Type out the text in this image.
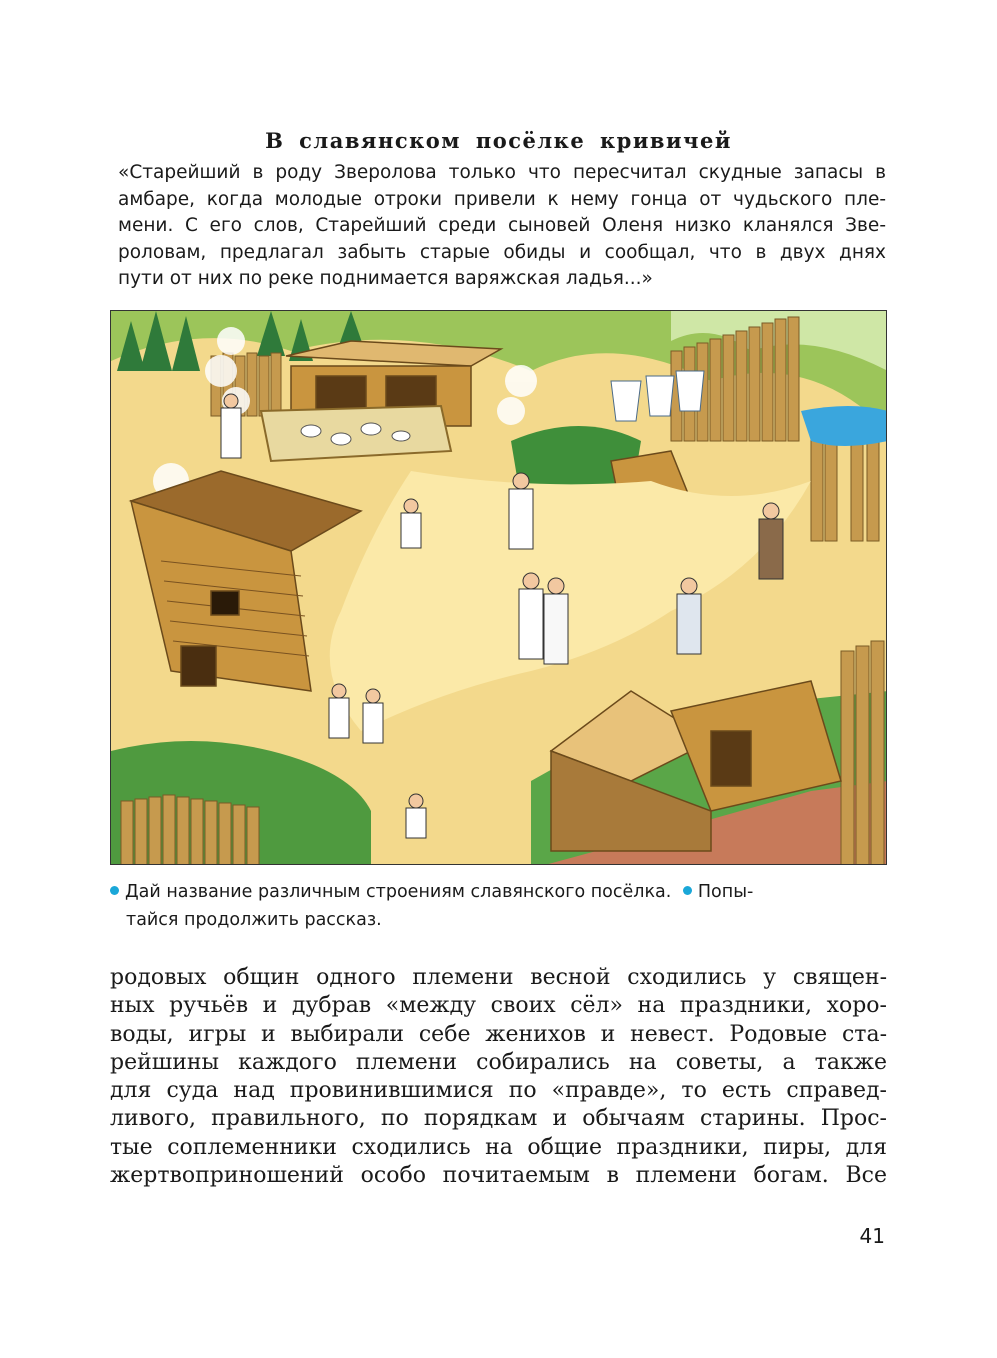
В славянском посёлке кривичей
«Старейший в роду Зверолова только что пересчитал скудные запасы в
амбаре, когда молодые отроки привели к нему гонца от чудьского пле-
мени. С его слов, Старейший среди сыновей Оленя низко кланялся Зве-
роловам, предлагал забыть старые обиды и сообщал, что в двух днях
пути от них по реке поднимается варяжская ладья...»
Дай название различным строениям славянского посёлка. Попы-
тайся продолжить рассказ.
родовых общин одного племени весной сходились у священ-
ных ручьёв и дубрав «между своих сёл» на праздники, хоро-
воды, игры и выбирали себе женихов и невест. Родовые ста-
рейшины каждого племени собирались на советы, а также
для суда над провинившимися по «правде», то есть справед-
ливого, правильного, по порядкам и обычаям старины. Прос-
тые соплеменники сходились на общие праздники, пиры, для
жертвоприношений особо почитаемым в племени богам. Все
41
